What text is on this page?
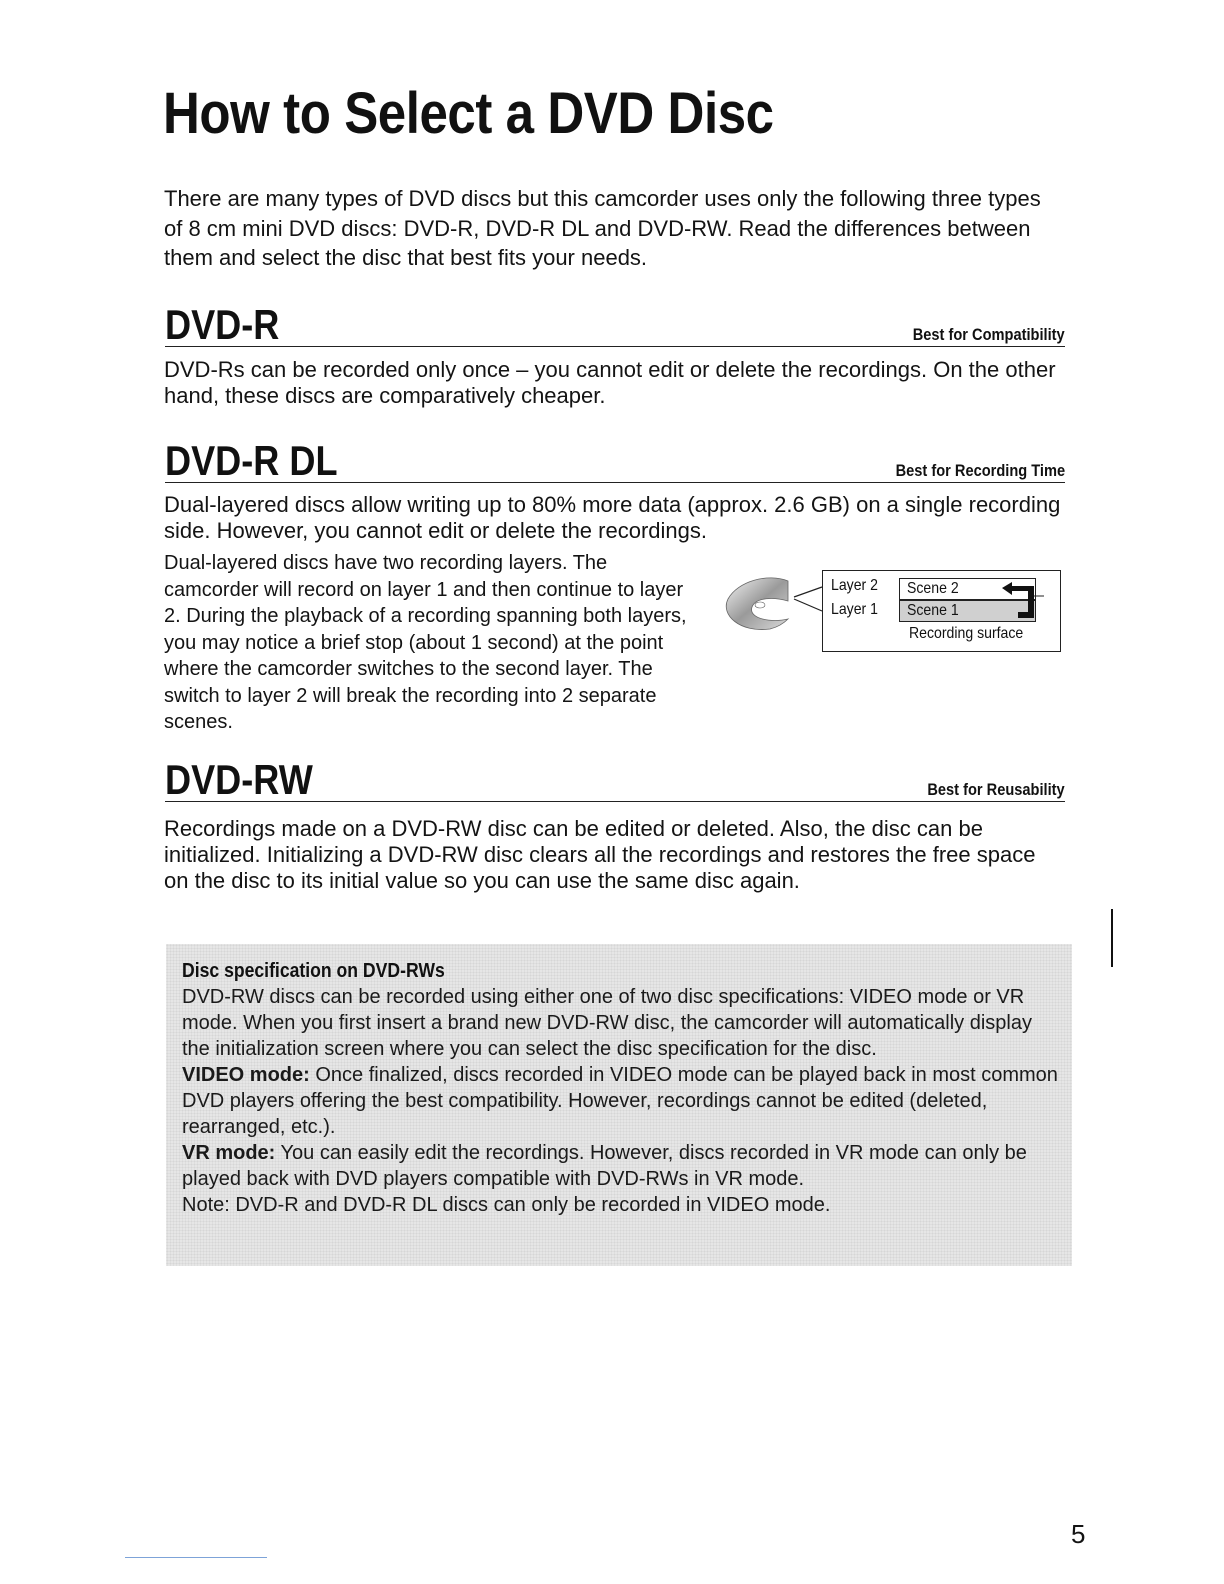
How to Select a DVD Disc

There are many types of DVD discs but this camcorder uses only the following three types of 8 cm mini DVD discs: DVD-R, DVD-R DL and DVD-RW. Read the differences between them and select the disc that best fits your needs.

DVD-R	Best for Compatibility

DVD-Rs can be recorded only once – you cannot edit or delete the recordings. On the other hand, these discs are comparatively cheaper.

DVD-R DL	Best for Recording Time

Dual-layered discs allow writing up to 80% more data (approx. 2.6 GB) on a single recording side. However, you cannot edit or delete the recordings.

Dual-layered discs have two recording layers. The camcorder will record on layer 1 and then continue to layer 2. During the playback of a recording spanning both layers, you may notice a brief stop (about 1 second) at the point where the camcorder switches to the second layer. The switch to layer 2 will break the recording into 2 separate scenes.

Layer 2
Layer 1
Scene 2
Scene 1
Recording surface
DVD-RW	Best for Reusability

Recordings made on a DVD-RW disc can be edited or deleted. Also, the disc can be initialized. Initializing a DVD-RW disc clears all the recordings and restores the free space on the disc to its initial value so you can use the same disc again.

Disc specification on DVD-RWs

DVD-RW discs can be recorded using either one of two disc specifications: VIDEO mode or VR mode. When you first insert a brand new DVD-RW disc, the camcorder will automatically display the initialization screen where you can select the disc specification for the disc.

VIDEO mode: Once finalized, discs recorded in VIDEO mode can be played back in most common DVD players offering the best compatibility. However, recordings cannot be edited (deleted, rearranged, etc.).

VR mode: You can easily edit the recordings. However, discs recorded in VR mode can only be played back with DVD players compatible with DVD-RWs in VR mode.

Note: DVD-R and DVD-R DL discs can only be recorded in VIDEO mode.

5
